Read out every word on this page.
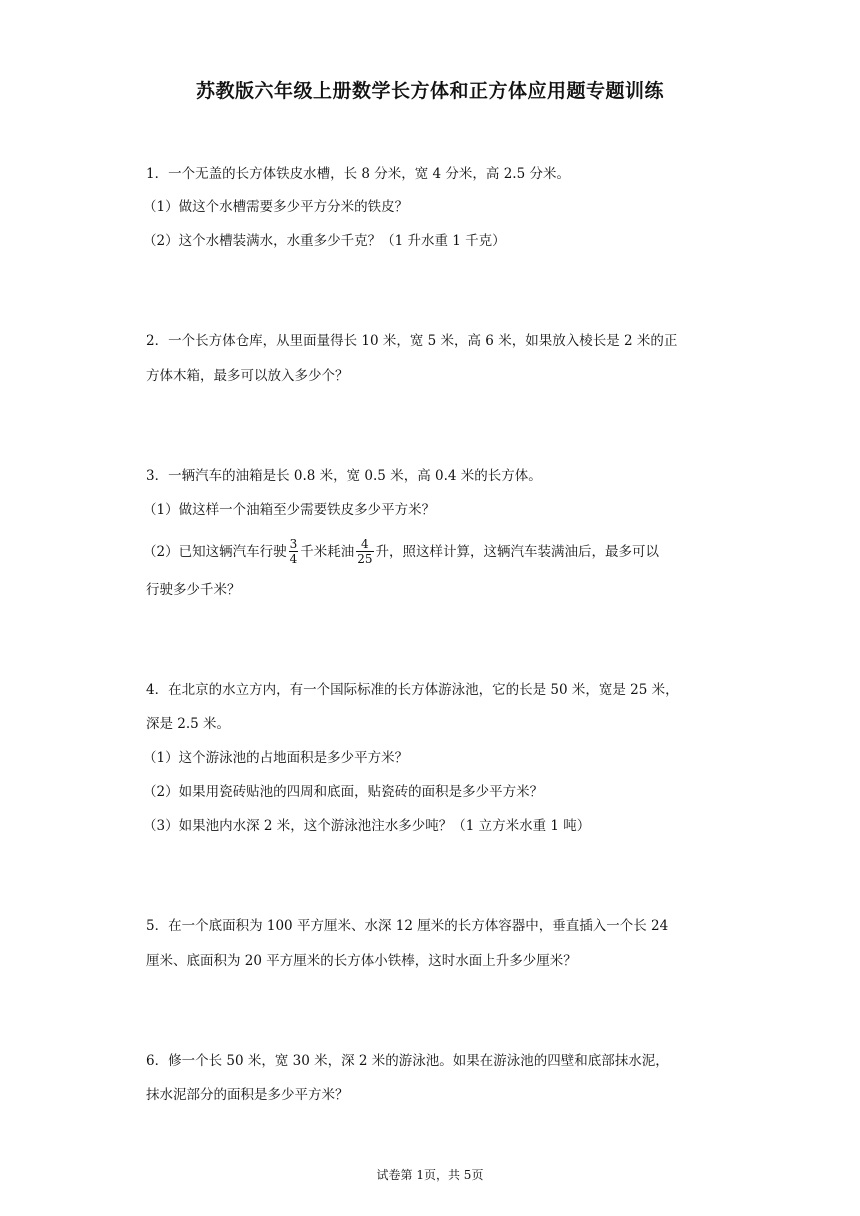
苏教版六年级上册数学长方体和正方体应用题专题训练
1．一个无盖的长方体铁皮水槽，长 8 分米，宽 4 分米，高 2.5 分米。
（1）做这个水槽需要多少平方分米的铁皮？
（2）这个水槽装满水，水重多少千克？（1 升水重 1 千克）
2．一个长方体仓库，从里面量得长 10 米，宽 5 米，高 6 米，如果放入棱长是 2 米的正
方体木箱，最多可以放入多少个？
3．一辆汽车的油箱是长 0.8 米，宽 0.5 米，高 0.4 米的长方体。
（1）做这样一个油箱至少需要铁皮多少平方米？
（2）已知这辆汽车行驶 $\frac{3}{4}$ 千米耗油 $\frac{4}{25}$ 升，照这样计算，这辆汽车装满油后，最多可以
行驶多少千米？
4．在北京的水立方内，有一个国际标准的长方体游泳池，它的长是 50 米，宽是 25 米，
深是 2.5 米。
（1）这个游泳池的占地面积是多少平方米？
（2）如果用瓷砖贴池的四周和底面，贴瓷砖的面积是多少平方米？
（3）如果池内水深 2 米，这个游泳池注水多少吨？（1 立方米水重 1 吨）
5．在一个底面积为 100 平方厘米、水深 12 厘米的长方体容器中，垂直插入一个长 24
厘米、底面积为 20 平方厘米的长方体小铁棒，这时水面上升多少厘米？
6．修一个长 50 米，宽 30 米，深 2 米的游泳池。如果在游泳池的四壁和底部抹水泥，
抹水泥部分的面积是多少平方米？
试卷第 1页，共 5页
